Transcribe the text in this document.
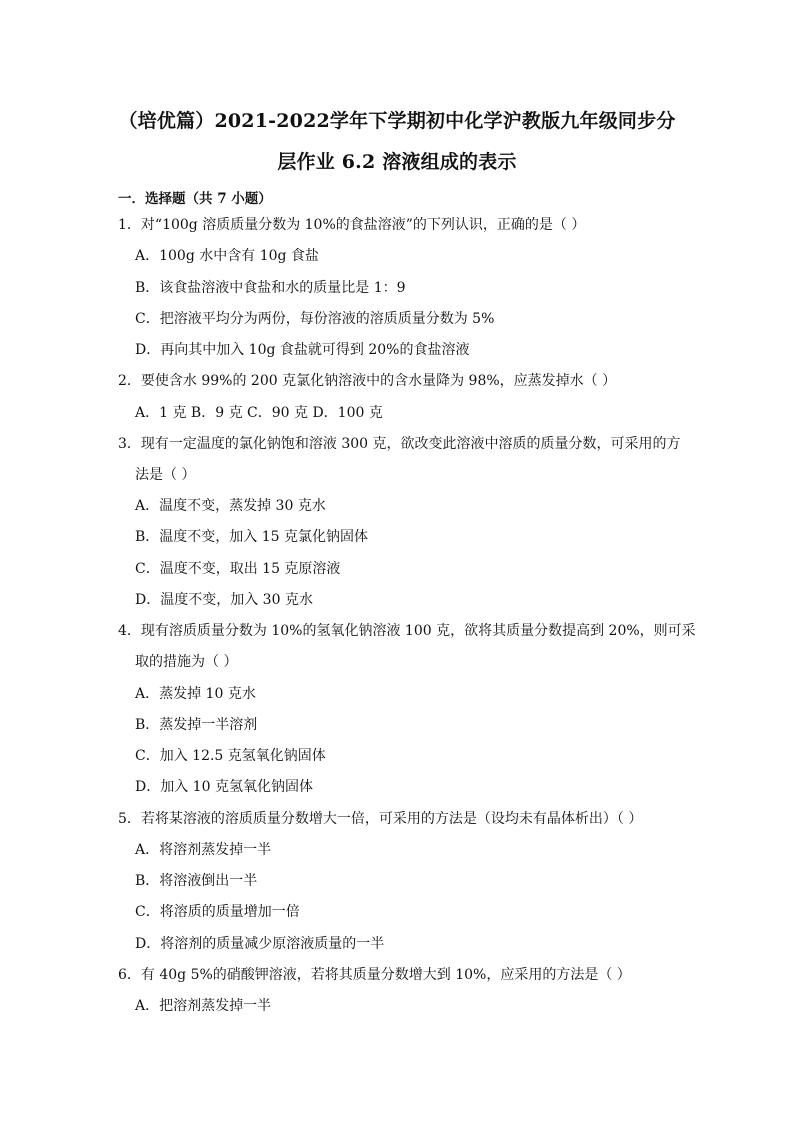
（培优篇）2021-2022学年下学期初中化学沪教版九年级同步分
层作业 6.2 溶液组成的表示
一．选择题（共 7 小题）
1．对“100g 溶质质量分数为 10%的食盐溶液”的下列认识，正确的是（ ）
A．100g 水中含有 10g 食盐
B．该食盐溶液中食盐和水的质量比是 1：9
C．把溶液平均分为两份，每份溶液的溶质质量分数为 5%
D．再向其中加入 10g 食盐就可得到 20%的食盐溶液
2．要使含水 99%的 200 克氯化钠溶液中的含水量降为 98%，应蒸发掉水（ ）
A．1 克 B．9 克 C．90 克 D．100 克
3．现有一定温度的氯化钠饱和溶液 300 克，欲改变此溶液中溶质的质量分数，可采用的方
法是（ ）
A．温度不变，蒸发掉 30 克水
B．温度不变，加入 15 克氯化钠固体
C．温度不变，取出 15 克原溶液
D．温度不变，加入 30 克水
4．现有溶质质量分数为 10%的氢氧化钠溶液 100 克，欲将其质量分数提高到 20%，则可采
取的措施为（ ）
A．蒸发掉 10 克水
B．蒸发掉一半溶剂
C．加入 12.5 克氢氧化钠固体
D．加入 10 克氢氧化钠固体
5．若将某溶液的溶质质量分数增大一倍，可采用的方法是（设均未有晶体析出）（ ）
A．将溶剂蒸发掉一半
B．将溶液倒出一半
C．将溶质的质量增加一倍
D．将溶剂的质量减少原溶液质量的一半
6．有 40g 5%的硝酸钾溶液，若将其质量分数增大到 10%，应采用的方法是（ ）
A．把溶剂蒸发掉一半
